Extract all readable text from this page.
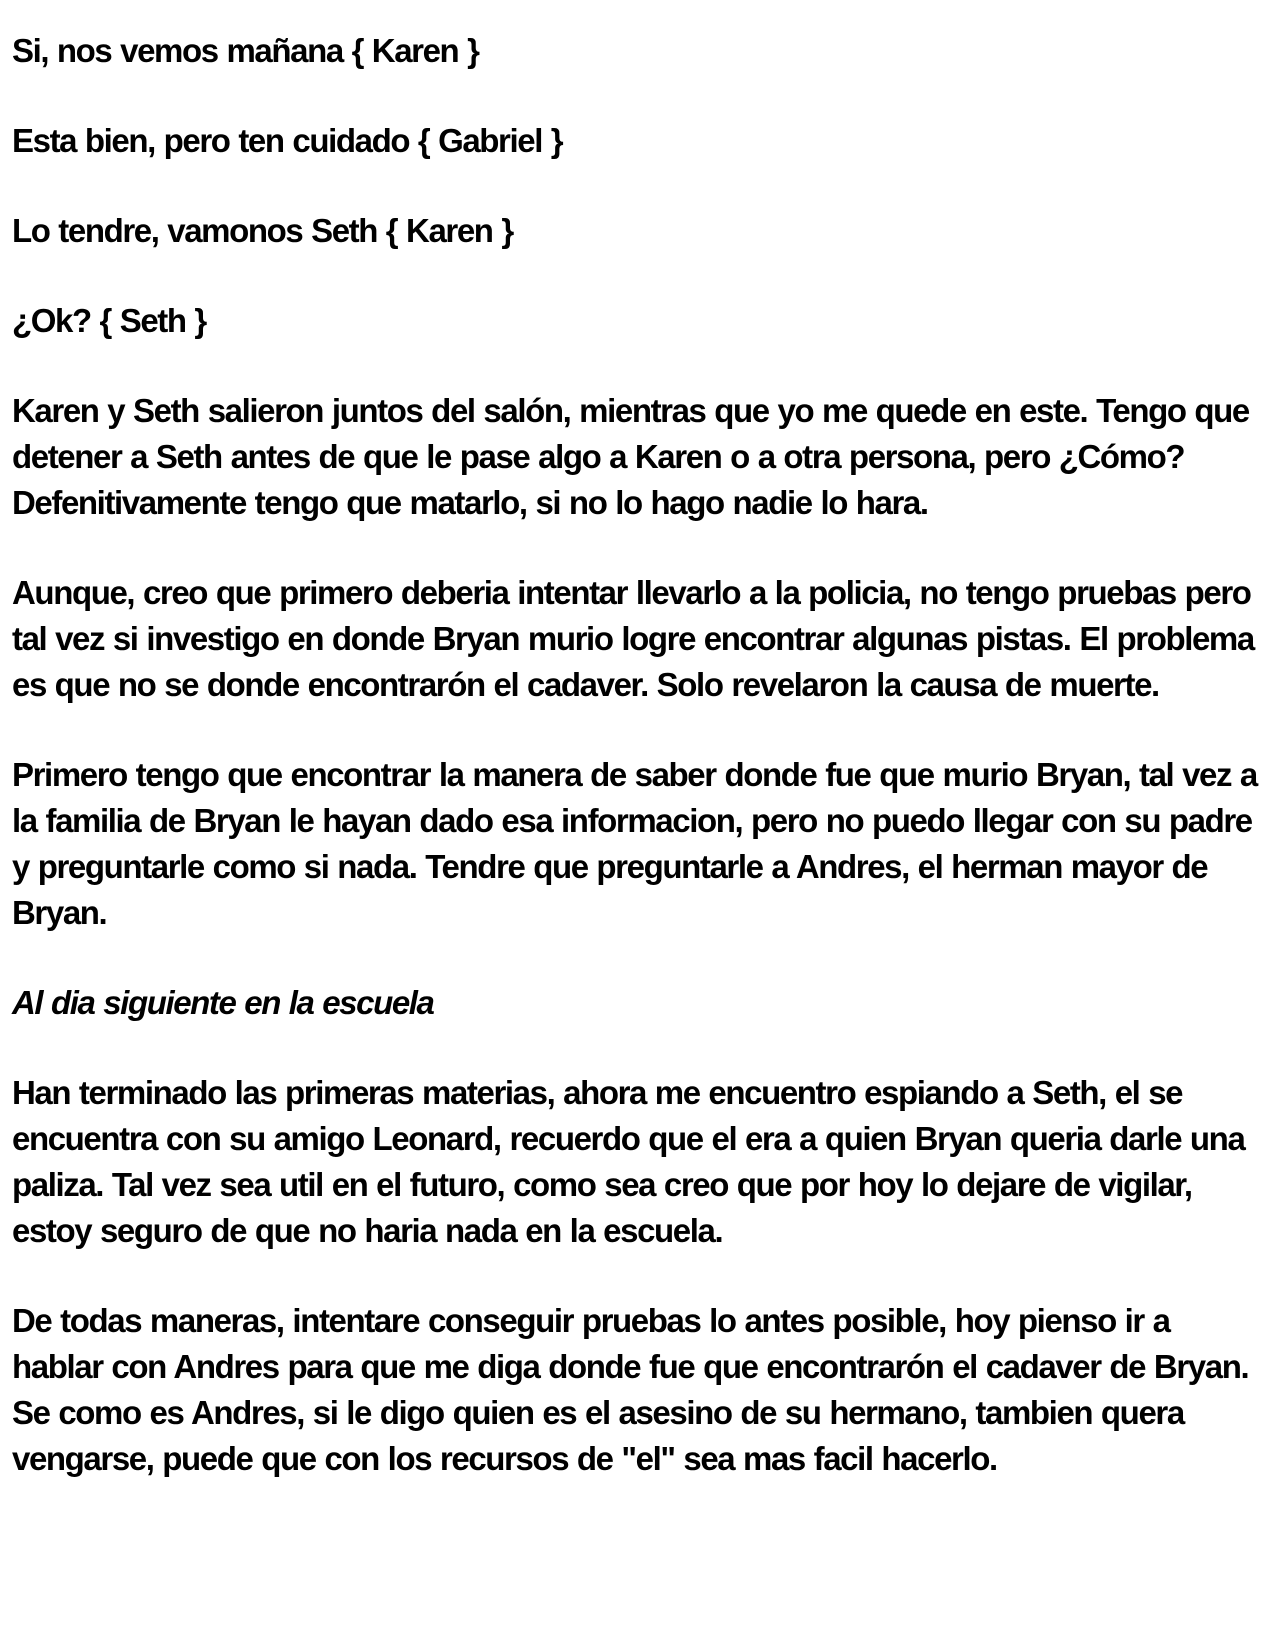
Si, nos vemos mañana { Karen }

Esta bien, pero ten cuidado { Gabriel }

Lo tendre, vamonos Seth { Karen }

¿Ok? { Seth }

Karen y Seth salieron juntos del salón, mientras que yo me quede en este. Tengo que detener a Seth antes de que le pase algo a Karen o a otra persona, pero ¿Cómo? Defenitivamente tengo que matarlo, si no lo hago nadie lo hara.

Aunque, creo que primero deberia intentar llevarlo a la policia, no tengo pruebas pero tal vez si investigo en donde Bryan murio logre encontrar algunas pistas. El problema es que no se donde encontrarón el cadaver. Solo revelaron la causa de muerte.

Primero tengo que encontrar la manera de saber donde fue que murio Bryan, tal vez a la familia de Bryan le hayan dado esa informacion, pero no puedo llegar con su padre y preguntarle como si nada. Tendre que preguntarle a Andres, el herman mayor de Bryan.

Al dia siguiente en la escuela

Han terminado las primeras materias, ahora me encuentro espiando a Seth, el se encuentra con su amigo Leonard, recuerdo que el era a quien Bryan queria darle una paliza. Tal vez sea util en el futuro, como sea creo que por hoy lo dejare de vigilar, estoy seguro de que no haria nada en la escuela.

De todas maneras, intentare conseguir pruebas lo antes posible, hoy pienso ir a hablar con Andres para que me diga donde fue que encontrarón el cadaver de Bryan. Se como es Andres, si le digo quien es el asesino de su hermano, tambien quera vengarse, puede que con los recursos de "el" sea mas facil hacerlo.
